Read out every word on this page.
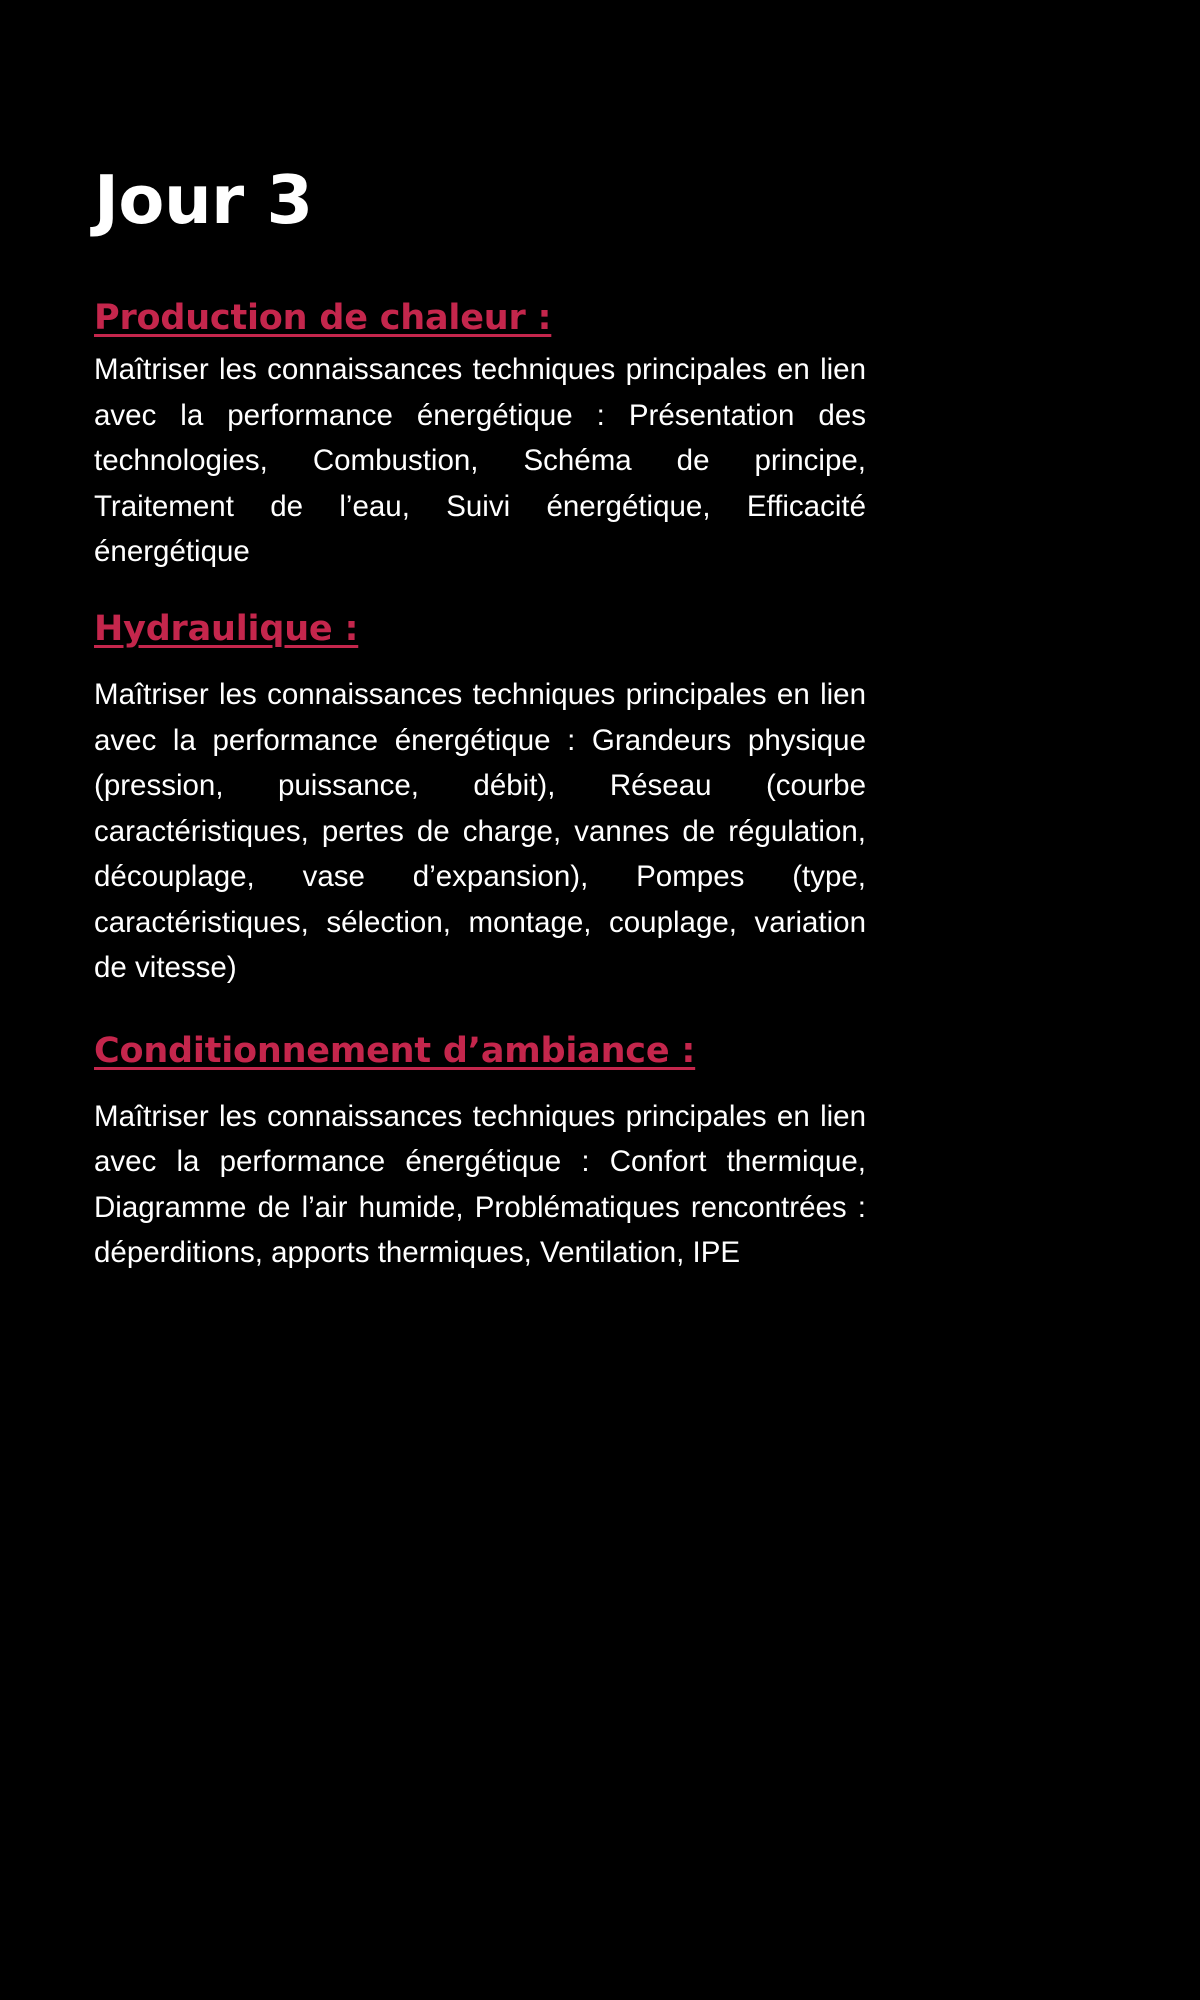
Jour 3
Production de chaleur :

Maîtriser les connaissances techniques principales en lien avec la performance énergétique : Présentation des technologies, Combustion, Schéma de principe, Traitement de l’eau, Suivi énergétique, Efficacité énergétique

Hydraulique :

Maîtriser les connaissances techniques principales en lien avec la performance énergétique : Grandeurs physique (pression, puissance, débit), Réseau (courbe caractéristiques, pertes de charge, vannes de régulation, découplage, vase d’expansion), Pompes (type, caractéristiques, sélection, montage, couplage, variation de vitesse)

Conditionnement d’ambiance :

Maîtriser les connaissances techniques principales en lien avec la performance énergétique : Confort thermique, Diagramme de l’air humide, Problématiques rencontrées : déperditions, apports thermiques, Ventilation, IPE
